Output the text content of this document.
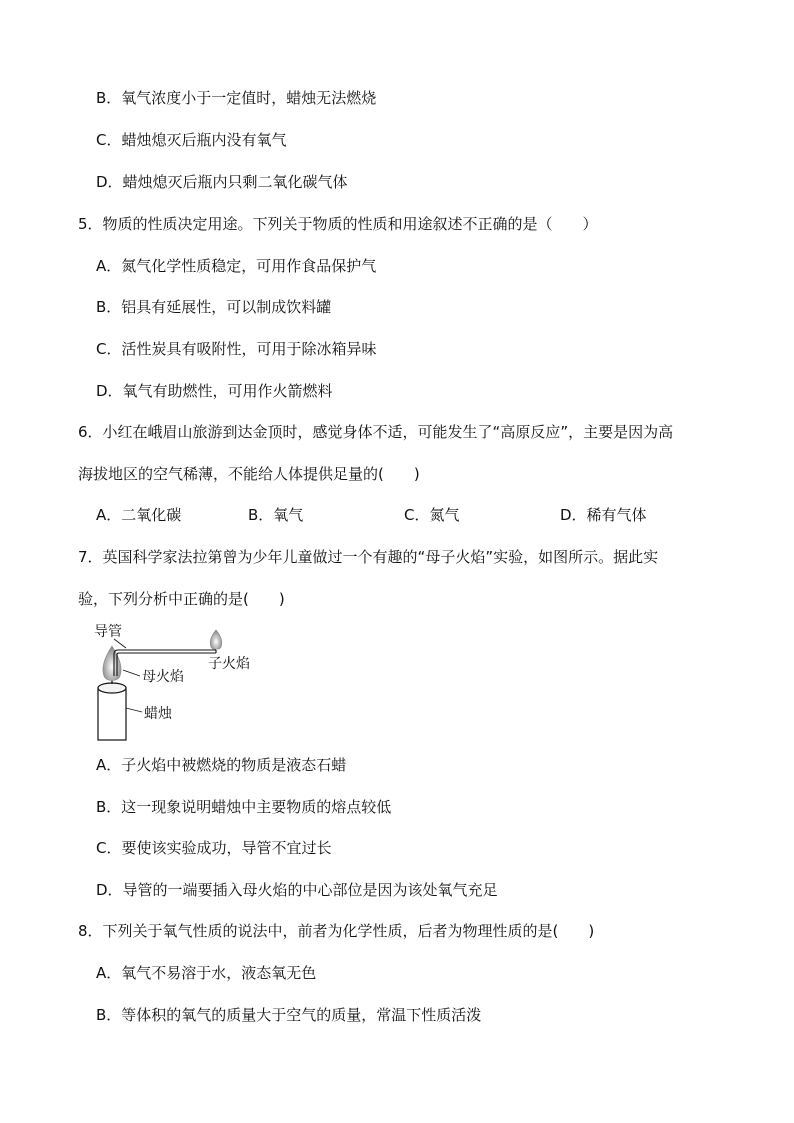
B．氧气浓度小于一定值时，蜡烛无法燃烧
C．蜡烛熄灭后瓶内没有氧气
D．蜡烛熄灭后瓶内只剩二氧化碳气体
5．物质的性质决定用途。下列关于物质的性质和用途叙述不正确的是（　　）
A．氮气化学性质稳定，可用作食品保护气
B．铝具有延展性，可以制成饮料罐
C．活性炭具有吸附性，可用于除冰箱异味
D．氧气有助燃性，可用作火箭燃料
6．小红在峨眉山旅游到达金顶时，感觉身体不适，可能发生了“高原反应”，主要是因为高
海拔地区的空气稀薄，不能给人体提供足量的(　　)
A．二氧化碳	B．氧气	C．氮气	D．稀有气体
7．英国科学家法拉第曾为少年儿童做过一个有趣的“母子火焰”实验，如图所示。据此实
验，下列分析中正确的是(　　)
导管
子火焰
母火焰
蜡烛
A．子火焰中被燃烧的物质是液态石蜡
B．这一现象说明蜡烛中主要物质的熔点较低
C．要使该实验成功，导管不宜过长
D．导管的一端要插入母火焰的中心部位是因为该处氧气充足
8．下列关于氧气性质的说法中，前者为化学性质，后者为物理性质的是(　　)
A．氧气不易溶于水，液态氧无色
B．等体积的氧气的质量大于空气的质量，常温下性质活泼
